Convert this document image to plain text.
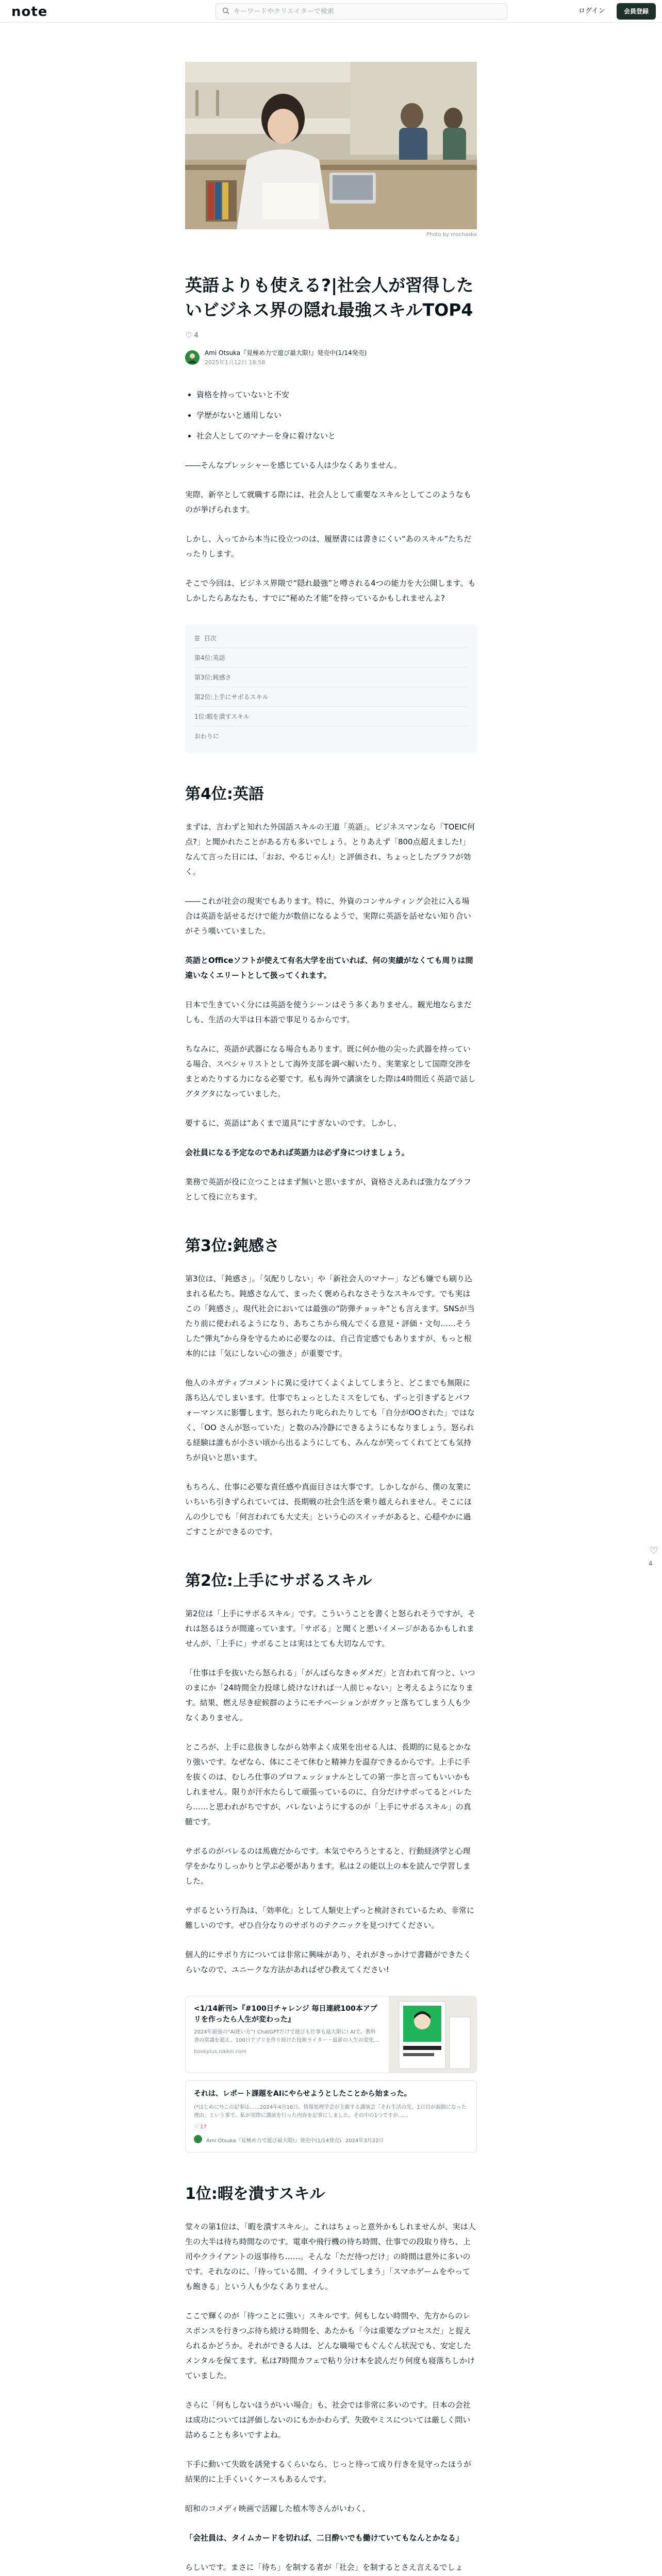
note
キーワードやクリエイターで検索	ログイン	会員登録
Photo by mochaska
英語よりも使える?|社会人が習得したいビジネス界の隠れ最強スキルTOP4
♡ 4
Ami Otsuka『見極め力で遊び最大限!』発売中(1/14発売)
2025年1月12日 18:58
• 資格を持っていないと不安
• 学歴がないと通用しない
• 社会人としてのマナーを身に着けないと

――そんなプレッシャーを感じている人は少なくありません。

実際、新卒として就職する際には、社会人として重要なスキルとしてこのようなものが挙げられます。

しかし、入ってから本当に役立つのは、履歴書には書きにくい“あのスキル”たちだったりします。

そこで今回は、ビジネス界隈で“隠れ最強”と噂される4つの能力を大公開します。もしかしたらあなたも、すでに“秘めた才能”を持っているかもしれませんよ?

☰ 目次
第4位:英語
第3位:鈍感さ
第2位:上手にサボるスキル
1位:暇を潰すスキル
おわりに
第4位:英語

まずは、言わずと知れた外国語スキルの王道「英語」。ビジネスマンなら「TOEIC何点?」と聞かれたことがある方も多いでしょう。とりあえず「800点超えました!」なんて言った日には、「おお、やるじゃん!」と評価され、ちょっとしたブラフが効く。

――これが社会の現実でもあります。特に、外資のコンサルティング会社に入る場合は英語を話せるだけで能力が数倍になるようで、実際に英語を話せない知り合いがそう嘆いていました。

英語とOfficeソフトが使えて有名大学を出ていれば、何の実績がなくても周りは間違いなくエリートとして扱ってくれます。

日本で生きていく分には英語を使うシーンはそう多くありません。観光地ならまだしも、生活の大半は日本語で事足りるからです。

ちなみに、英語が武器になる場合もあります。既に何か他の尖った武器を持っている場合、スペシャリストとして海外支部を調べ解いたり、実業家として国際交渉をまとめたりする力になる必要です。私も海外で講演をした際は4時間近く英語で話しグタグタになっていました。

要するに、英語は“あくまで道具”にすぎないのです。しかし、

会社員になる予定なのであれば英語力は必ず身につけましょう。

業務で英語が役に立つことはまず無いと思いますが、資格さえあれば強力なブラフとして役に立ちます。

第3位:鈍感さ

第3位は、「鈍感さ」。「気配りしない」や「新社会人のマナー」なども嫌でも刷り込まれる私たち。鈍感さなんて、まったく褒められなさそうなスキルです。でも実はこの「鈍感さ」、現代社会においては最強の“防弾チョッキ”とも言えます。SNSが当たり前に使われるようになり、あちこちから飛んでくる意見・評価・文句……そうした“弾丸”から身を守るために必要なのは、自己肯定感でもありますが、もっと根本的には「気にしない心の強さ」が重要です。

他人のネガティブコメントに異に受けてくよくよしてしまうと、どこまでも無限に落ち込んでしまいます。仕事でちょっとしたミスをしても、ずっと引きずるとパフォーマンスに影響します。怒られたり叱られたりしても「自分がOOされた」ではなく、「OO さんが怒っていた」と数のみ冷静にできるようにもなりましょう。怒られる経験は誰もが小さい頃から出るようにしても、みんなが笑ってくれてとても気持ちが良いと思います。

もちろん、仕事に必要な責任感や真面目さは大事です。しかしながら、僕の友業にいちいち引きずられていては、長期戦の社会生活を乗り越えられません。そこにほんの少しでも「何言われても大丈夫」という心のスイッチがあると、心穏やかに過ごすことができるのです。

第2位:上手にサボるスキル

第2位は「上手にサボるスキル」です。こういうことを書くと怒られそうですが、それは怒るほうが間違っています。「サボる」と聞くと悪いイメージがあるかもしれませんが、「上手に」サボることは実はとても大切なんです。

「仕事は手を抜いたら怒られる」「がんばらなきゃダメだ」と言われて育つと、いつのまにか「24時間全力投球し続けなければ一人前じゃない」と考えるようになります。結果、燃え尽き症候群のようにモチベーションがガクッと落ちてしまう人も少なくありません。

ところが、上手に息抜きしながら効率よく成果を出せる人は、長期的に見るとかなり強いです。なぜなら、体にこそて休むと精神力を温存できるからです。上手に手を抜くのは、むしろ仕事のプロフェッショナルとしての第一歩と言ってもいいかもしれません。限りが汗水たらして頑張っているのに、自分だけサボってるとバレたら……と思われがちですが、バレないようにするのが「上手にサボるスキル」の真髄です。

サボるのがバレるのは馬鹿だからです。本気でやろうとすると、行動経済学と心理学をかなりしっかりと学ぶ必要があります。私は２の能以上の本を読んで学習しました。

サボるという行為は、「効率化」として人類史上ずっと検討されているため、非常に難しいのです。ぜひ自分なりのサボりのテクニックを見つけてください。

個人的にサボり方については非常に興味があり、それがきっかけで書籍ができたくらいなので、ユニークな方法があればぜひ教えてください!

<1/14新刊>『#100日チャレンジ 毎日連続100本アプリを作ったら人生が変わった』
2024年最強の“AI使い方”! ChatGPTだけで遊びも仕事も最大限に! AIで、教科書の常識を超え、100日アプリを作り続けた技術ライター・最新の人生の変化...
bookplus.nikkei.com
それは、レポート課題をAIにやらせようとしたことから始まった。
(*はじめに*)この記事は……2024年4月16日、情報処理学会が主催する講演会「それ生活の先、1日目が面倒になった理由」という事で、私が実際に講演を行った内容を記事にしました。その中の1つですが……
♡ 17
Ami Otsuka『見極め力で遊び最大限!』発売中(1/14発売) 2024年3月22日
1位:暇を潰すスキル

堂々の第1位は、「暇を潰すスキル」。これはちょっと意外かもしれませんが、実は人生の大半は待ち時間なのです。電車や飛行機の待ち時間、仕事での段取り待ち、上司やクライアントの返事待ち……。そんな「ただ待つだけ」の時間は意外に多いのです。それなのに、「待っている間、イライラしてしまう」「スマホゲームをやっても飽きる」という人も少なくありません。

ここで輝くのが「待つことに強い」スキルです。何もしない時間や、先方からのレスポンスを行きつぶ待ち続ける時間を、あたかも「今は重要なプロセスだ」と捉えられるかどうか。それができる人は、どんな職場でもぐんぐん状況でも、安定したメンタルを保てます。私は7時間カフェで粘り分け本を読んだり何度も寝落ちしかけていました。

さらに「何もしないほうがいい場合」も、社会では非常に多いのです。日本の会社は成功については評価しないのにもかかわらず、失敗やミスについては厳しく問い詰めることも多いですよね。

下手に動いて失敗を誘発するくらいなら、じっと待って成り行きを見守ったほうが結果的に上手くいくケースもあるんです。

昭和のコメディ映画で活躍した植木等さんがいわく、

「会社員は、タイムカードを切れば、二日酔いでも働けていてもなんとかなる」

らしいです。まさに「待ち」を制する者が「社会」を制するとさえ言えるでしょ

♡
4
